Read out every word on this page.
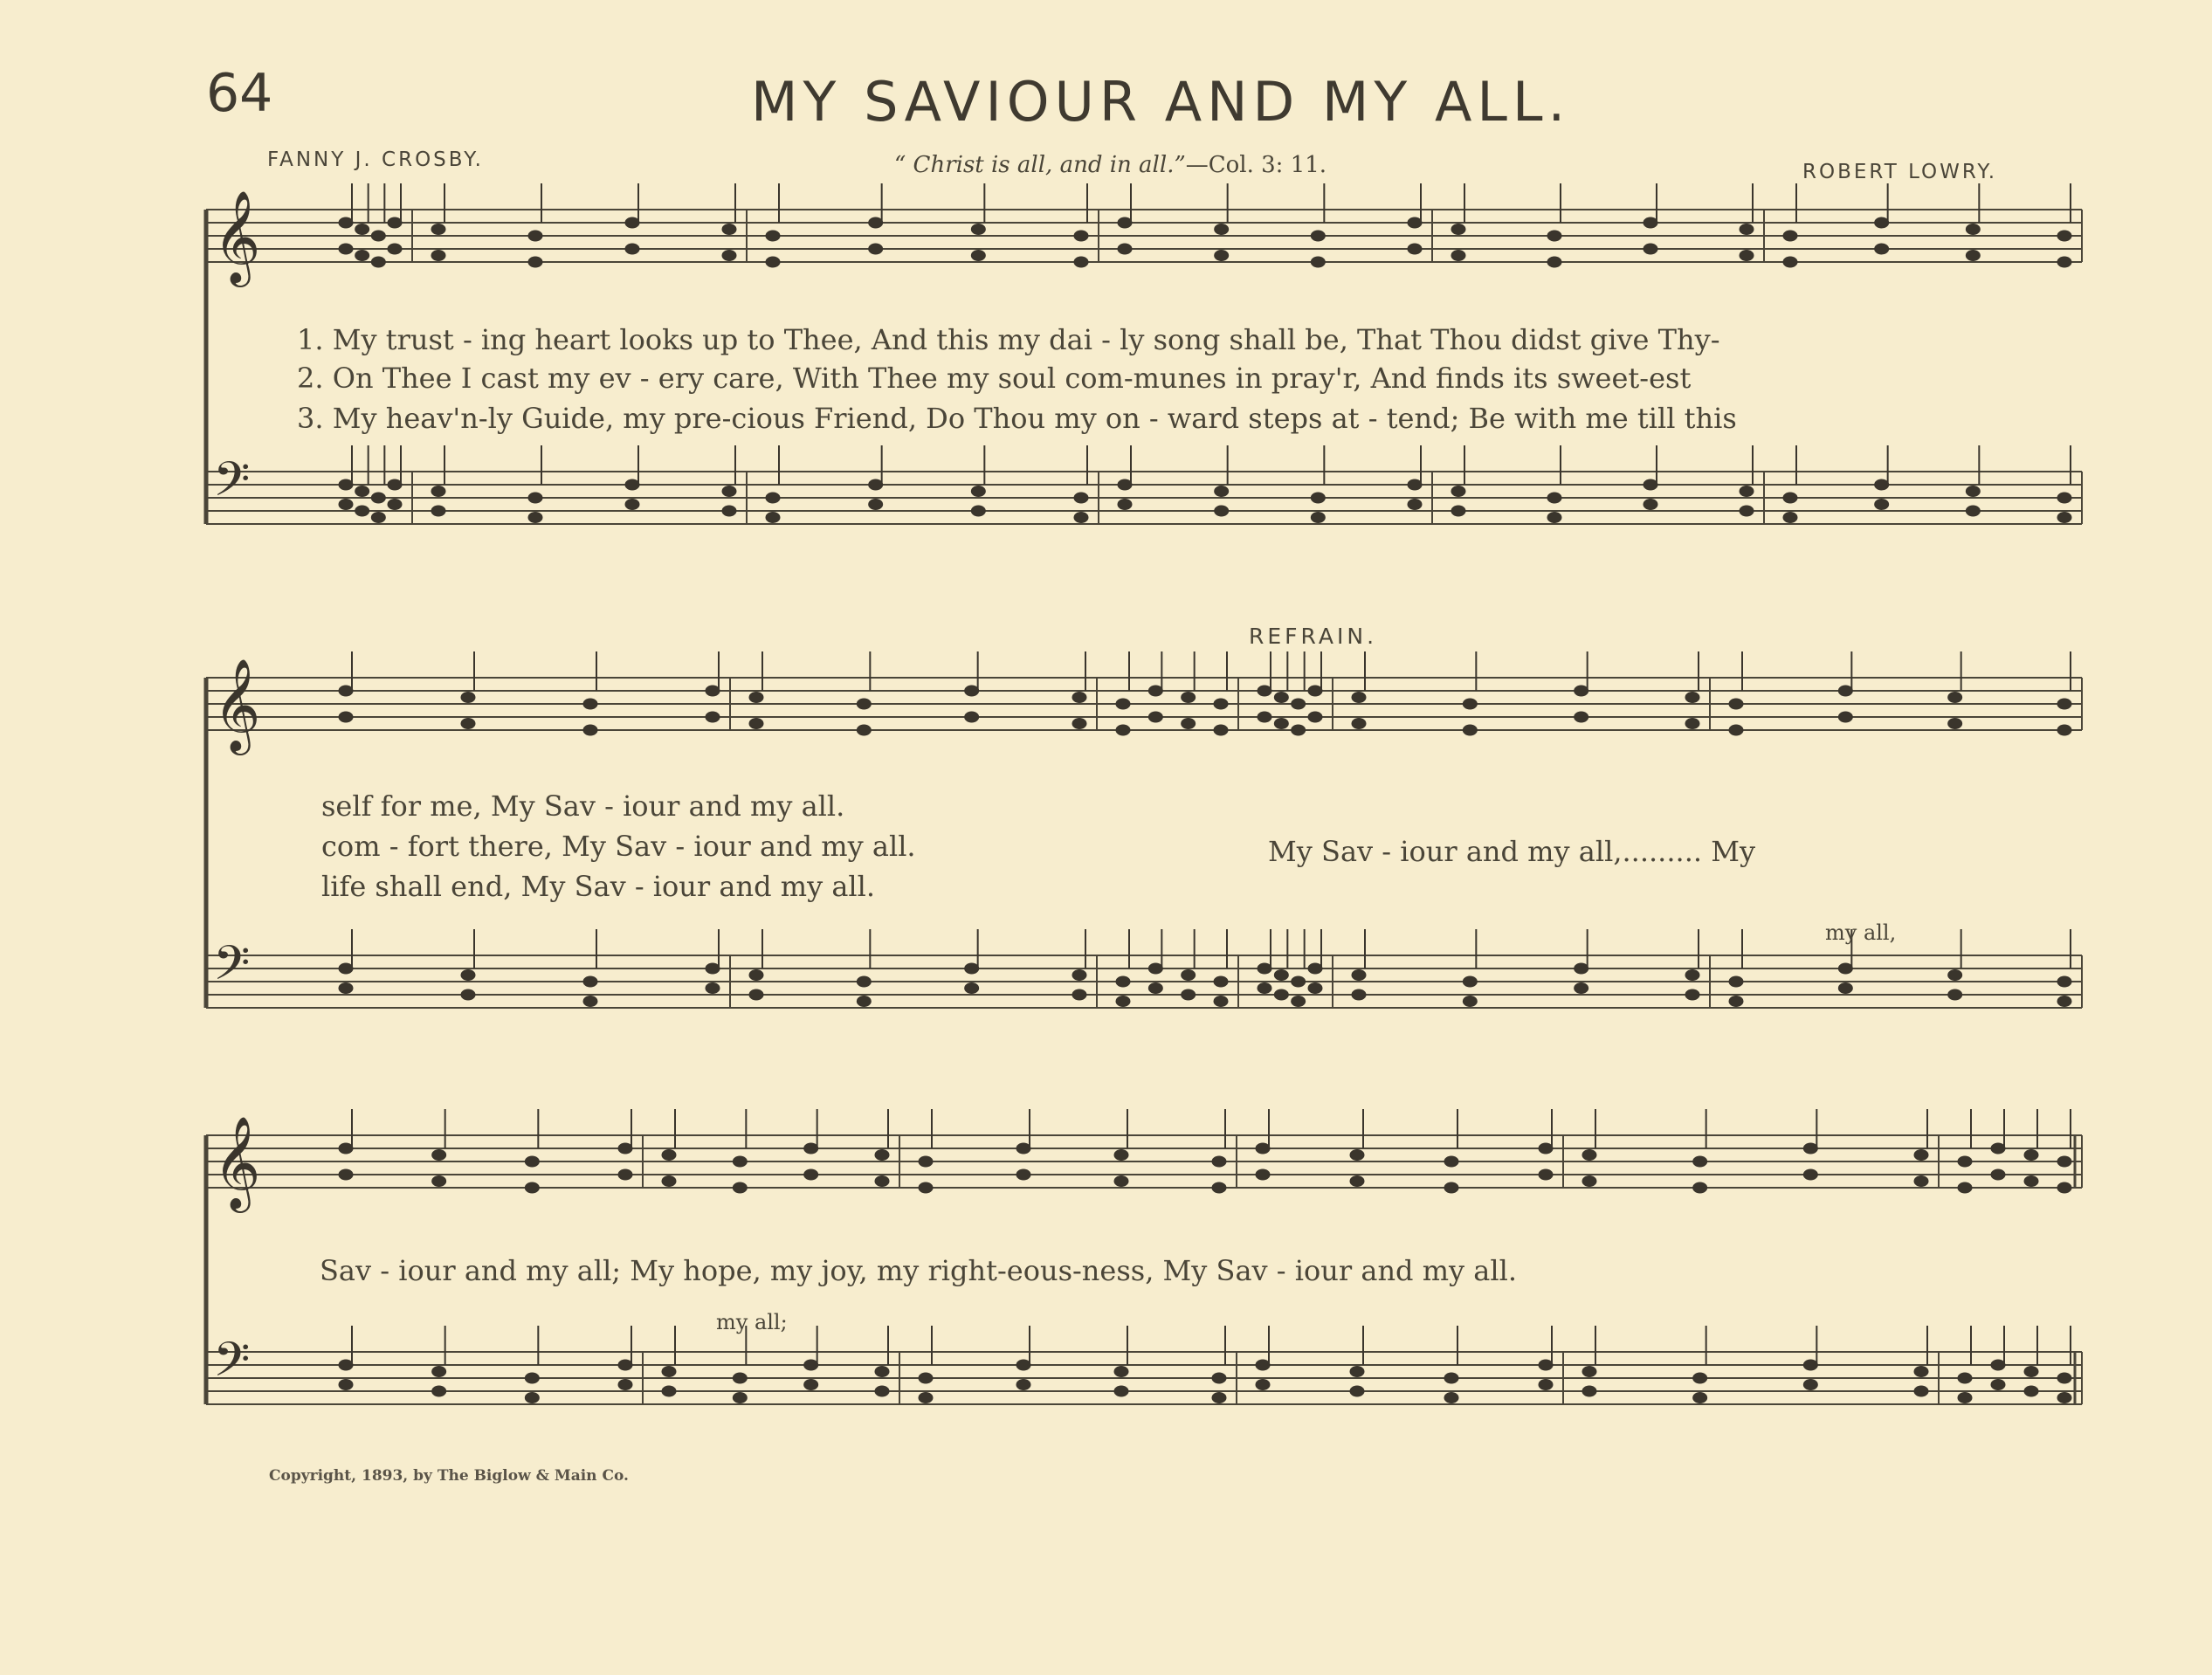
64	MY SAVIOUR AND MY ALL.
FANNY J. CROSBY.	“ Christ is all, and in all.”—Col. 3: 11.	ROBERT LOWRY.
𝄞
𝄢
𝄞
𝄢
𝄞
𝄢
1. My trust - ing heart looks up to Thee, And this my dai - ly song shall be, That Thou didst give Thy-
2. On Thee I cast my ev - ery care, With Thee my soul com-munes in pray'r, And finds its sweet-est
3. My heav'n-ly Guide, my pre-cious Friend, Do Thou my on - ward steps at - tend; Be with me till this
REFRAIN.
self for me, My Sav - iour and my all.
com - fort there, My Sav - iour and my all.
life shall end, My Sav - iour and my all.
My Sav - iour and my all,......... My
my all,
Sav - iour and my all; My hope, my joy, my right-eous-ness, My Sav - iour and my all.
my all;
Copyright, 1893, by The Biglow & Main Co.
